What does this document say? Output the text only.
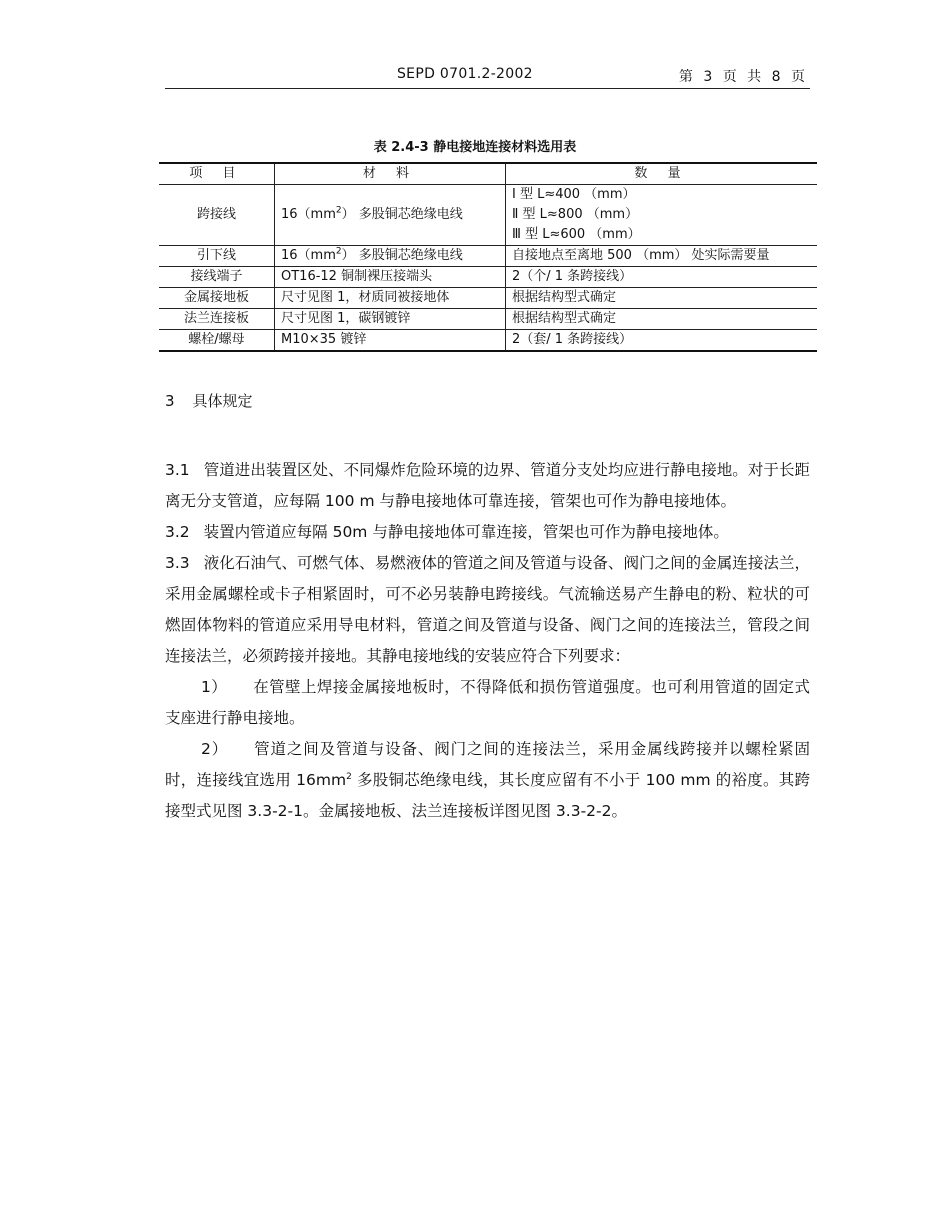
SEPD 0701.2-2002	第 3 页 共 8 页
表 2.4-3 静电接地连接材料选用表
项 目	材 料	数 量
跨接线	$16(mm^2)$ 多股铜芯绝缘电线	Ⅰ 型 L≈400 （mm）
Ⅱ 型 L≈800 （mm）
Ⅲ 型 L≈600 （mm）

引下线	$16(mm^2)$ 多股铜芯绝缘电线	自接地点至离地 500 （mm） 处实际需要量
接线端子	OT16-12 铜制裸压接端头	2（个/ 1 条跨接线）
金属接地板	尺寸见图 1，材质同被接地体	根据结构型式确定
法兰连接板	尺寸见图 1，碳钢镀锌	根据结构型式确定
螺栓/螺母	M10×35 镀锌	2（套/ 1 条跨接线）
3 具体规定

3.1 管道进出装置区处、不同爆炸危险环境的边界、管道分支处均应进行静电接地。对于长距离无分支管道，应每隔 100 m 与静电接地体可靠连接，管架也可作为静电接地体。

3.2 装置内管道应每隔 50m 与静电接地体可靠连接，管架也可作为静电接地体。

3.3 液化石油气、可燃气体、易燃液体的管道之间及管道与设备、阀门之间的金属连接法兰，采用金属螺栓或卡子相紧固时，可不必另装静电跨接线。气流输送易产生静电的粉、粒状的可燃固体物料的管道应采用导电材料，管道之间及管道与设备、阀门之间的连接法兰，管段之间连接法兰，必须跨接并接地。其静电接地线的安装应符合下列要求：

1） 在管壁上焊接金属接地板时，不得降低和损伤管道强度。也可利用管道的固定式支座进行静电接地。

2） 管道之间及管道与设备、阀门之间的连接法兰，采用金属线跨接并以螺栓紧固时，连接线宜选用 $16mm^2$ 多股铜芯绝缘电线，其长度应留有不小于 100 mm 的裕度。其跨接型式见图 3.3-2-1。金属接地板、法兰连接板详图见图 3.3-2-2。
